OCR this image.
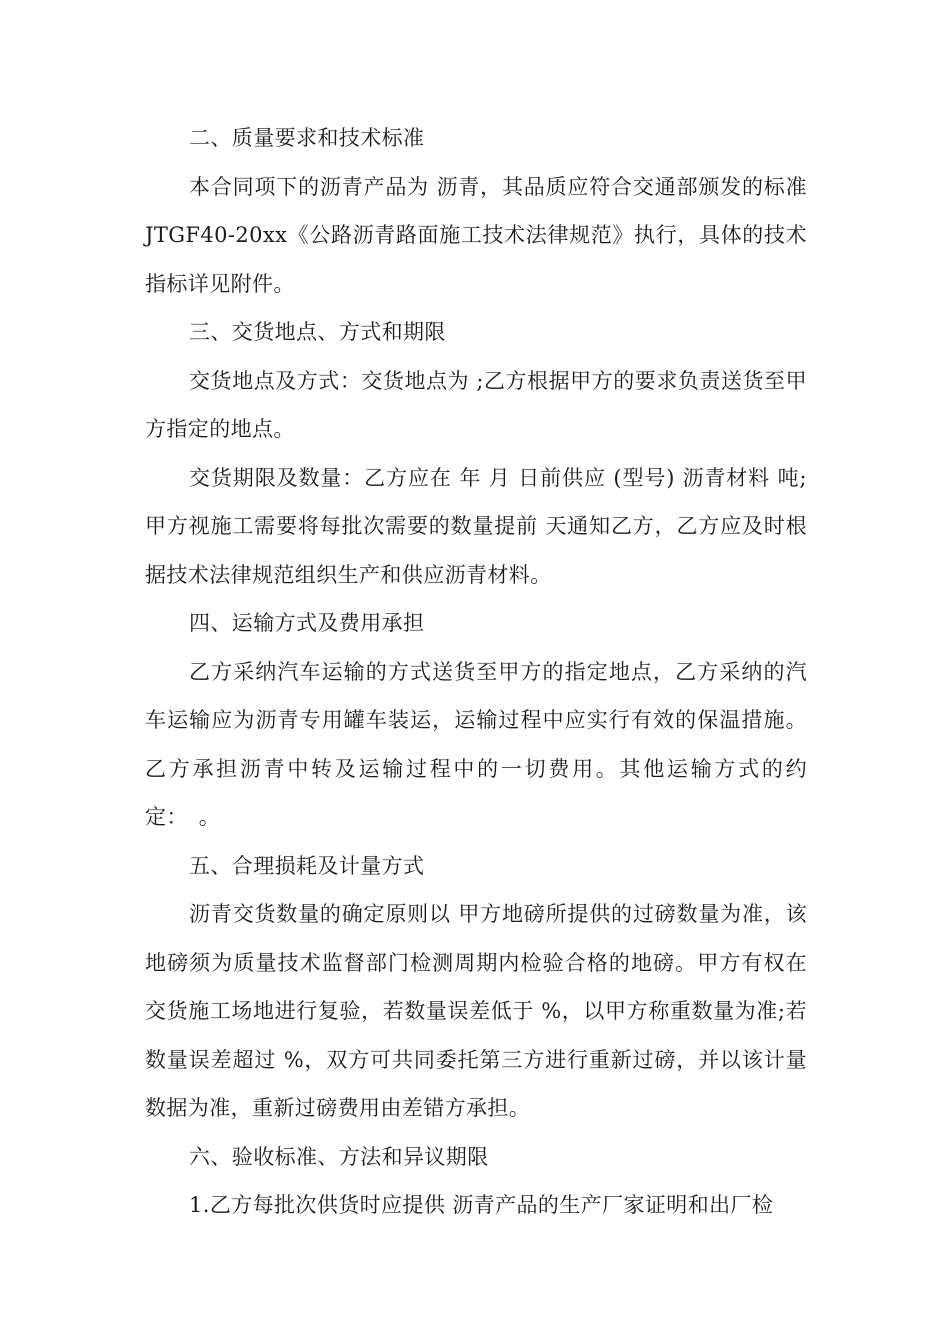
二、质量要求和技术标准

本合同项下的沥青产品为 沥青，其品质应符合交通部颁发的标准 JTGF40-20xx《公路沥青路面施工技术法律规范》执行，具体的技术指标详见附件。

三、交货地点、方式和期限

交货地点及方式：交货地点为 ;乙方根据甲方的要求负责送货至甲方指定的地点。

交货期限及数量：乙方应在 年 月 日前供应 (型号) 沥青材料 吨;甲方视施工需要将每批次需要的数量提前 天通知乙方，乙方应及时根据技术法律规范组织生产和供应沥青材料。

四、运输方式及费用承担

乙方采纳汽车运输的方式送货至甲方的指定地点，乙方采纳的汽车运输应为沥青专用罐车装运，运输过程中应实行有效的保温措施。乙方承担沥青中转及运输过程中的一切费用。其他运输方式的约定：　。

五、合理损耗及计量方式

沥青交货数量的确定原则以 甲方地磅所提供的过磅数量为准，该地磅须为质量技术监督部门检测周期内检验合格的地磅。甲方有权在交货施工场地进行复验，若数量误差低于 %，以甲方称重数量为准;若数量误差超过 %，双方可共同委托第三方进行重新过磅，并以该计量数据为准，重新过磅费用由差错方承担。

六、验收标准、方法和异议期限

1.乙方每批次供货时应提供 沥青产品的生产厂家证明和出厂检
